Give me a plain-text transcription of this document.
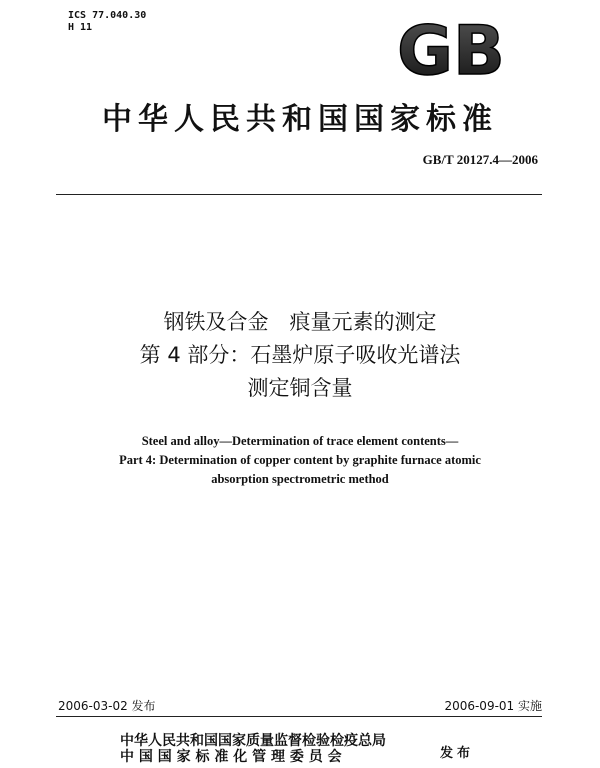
ICS 77.040.30
H 11	GB
中华人民共和国国家标准
GB/T 20127.4—2006
钢铁及合金　痕量元素的测定
第 4 部分：石墨炉原子吸收光谱法
测定铜含量
Steel and alloy—Determination of trace element contents—
Part 4: Determination of copper content by graphite furnace atomic
absorption spectrometric method
2006-03-02 发布	2006-09-01 实施
中华人民共和国国家质量监督检验检疫总局
中 国 国 家 标 准 化 管 理 委 员 会	发布
